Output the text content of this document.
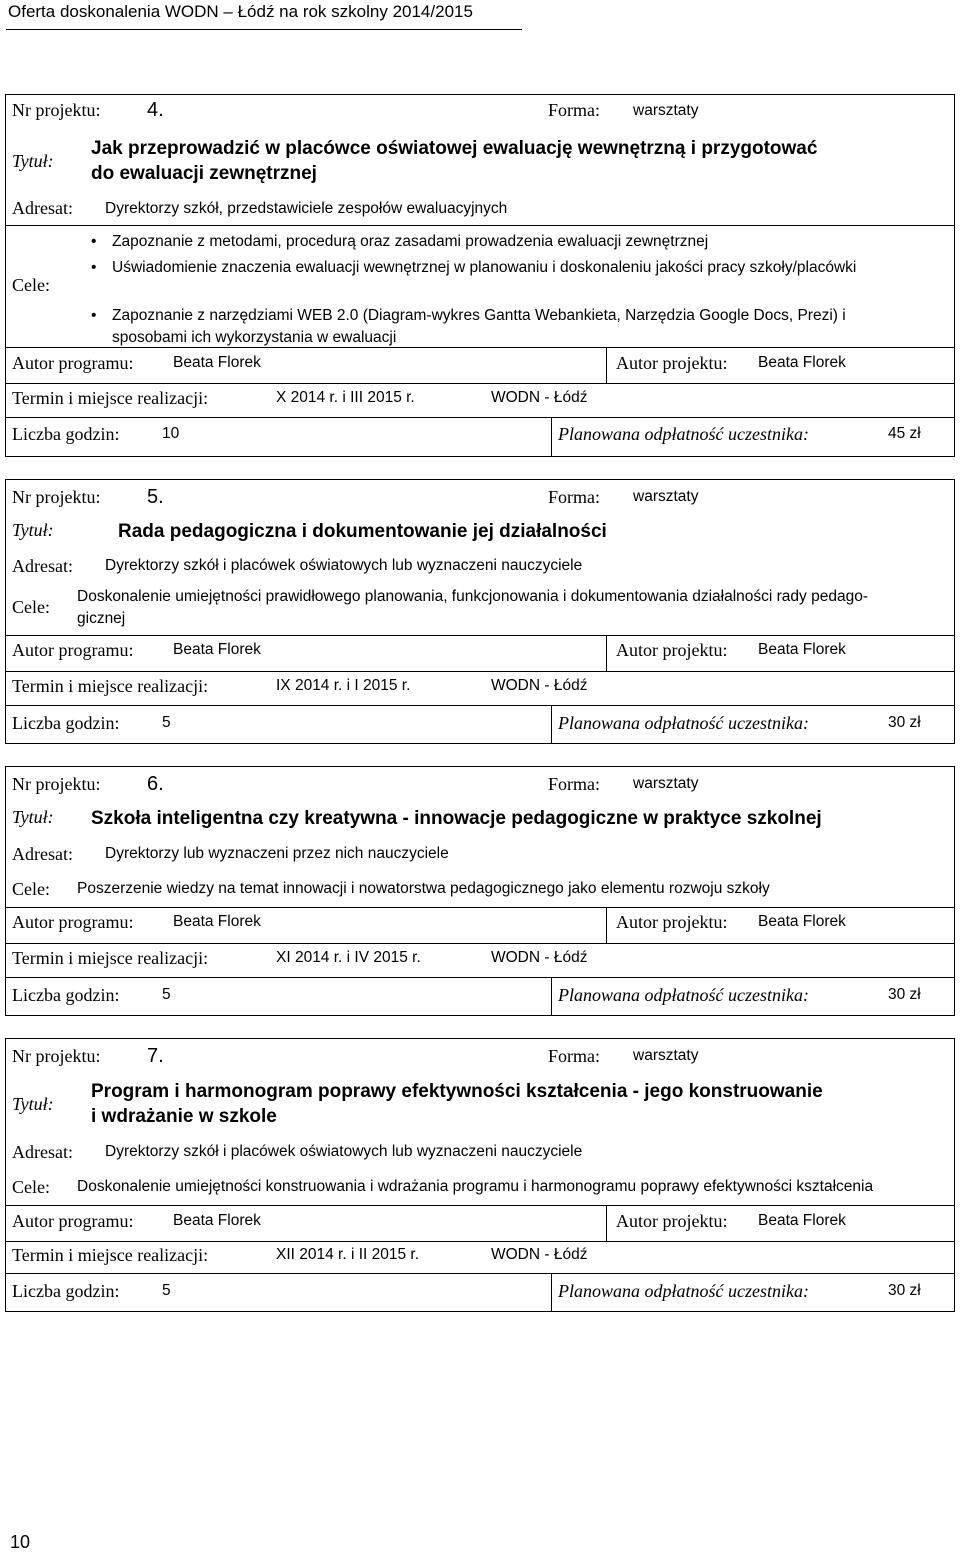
Oferta doskonalenia WODN – Łódź na rok szkolny 2014/2015
Nr projektu: 4.	Forma: warsztaty
Tytuł:
Jak przeprowadzić w placówce oświatowej ewaluację wewnętrzną i przygotować
do ewaluacji zewnętrznej
Adresat: Dyrektorzy szkół, przedstawiciele zespołów ewaluacyjnych
Cele:
• Zapoznanie z metodami, procedurą oraz zasadami prowadzenia ewaluacji zewnętrznej
• Uświadomienie znaczenia ewaluacji wewnętrznej w planowaniu i doskonaleniu jakości pracy szkoły/placówki
• Zapoznanie z narzędziami WEB 2.0 (Diagram-wykres Gantta Webankieta, Narzędzia Google Docs, Prezi) i sposobami ich wykorzystania w ewaluacji
Autor programu:	Beata Florek	Autor projektu: Beata Florek
Termin i miejsce realizacji:	X 2014 r. i III 2015 r.	WODN - Łódź
Liczba godzin:	10	Planowana odpłatność uczestnika:	45 zł
Nr projektu: 5.	Forma: warsztaty
Tytuł:	Rada pedagogiczna i dokumentowanie jej działalności
Adresat: Dyrektorzy szkół i placówek oświatowych lub wyznaczeni nauczyciele
Cele:
Doskonalenie umiejętności prawidłowego planowania, funkcjonowania i dokumentowania działalności rady pedago-
gicznej
Autor programu:	Beata Florek	Autor projektu: Beata Florek
Termin i miejsce realizacji:	IX 2014 r. i I 2015 r.	WODN - Łódź
Liczba godzin:	5	Planowana odpłatność uczestnika:	30 zł
Nr projektu: 6.	Forma: warsztaty
Tytuł: Szkoła inteligentna czy kreatywna - innowacje pedagogiczne w praktyce szkolnej
Adresat: Dyrektorzy lub wyznaczeni przez nich nauczyciele
Cele: Poszerzenie wiedzy na temat innowacji i nowatorstwa pedagogicznego jako elementu rozwoju szkoły
Autor programu:	Beata Florek	Autor projektu: Beata Florek
Termin i miejsce realizacji:	XI 2014 r. i IV 2015 r.	WODN - Łódź
Liczba godzin:	5	Planowana odpłatność uczestnika:	30 zł
Nr projektu: 7.	Forma: warsztaty
Tytuł:
Program i harmonogram poprawy efektywności kształcenia - jego konstruowanie
i wdrażanie w szkole
Adresat: Dyrektorzy szkół i placówek oświatowych lub wyznaczeni nauczyciele
Cele: Doskonalenie umiejętności konstruowania i wdrażania programu i harmonogramu poprawy efektywności kształcenia
Autor programu:	Beata Florek	Autor projektu: Beata Florek
Termin i miejsce realizacji:	XII 2014 r. i II 2015 r.	WODN - Łódź
Liczba godzin:	5	Planowana odpłatność uczestnika:	30 zł
10
